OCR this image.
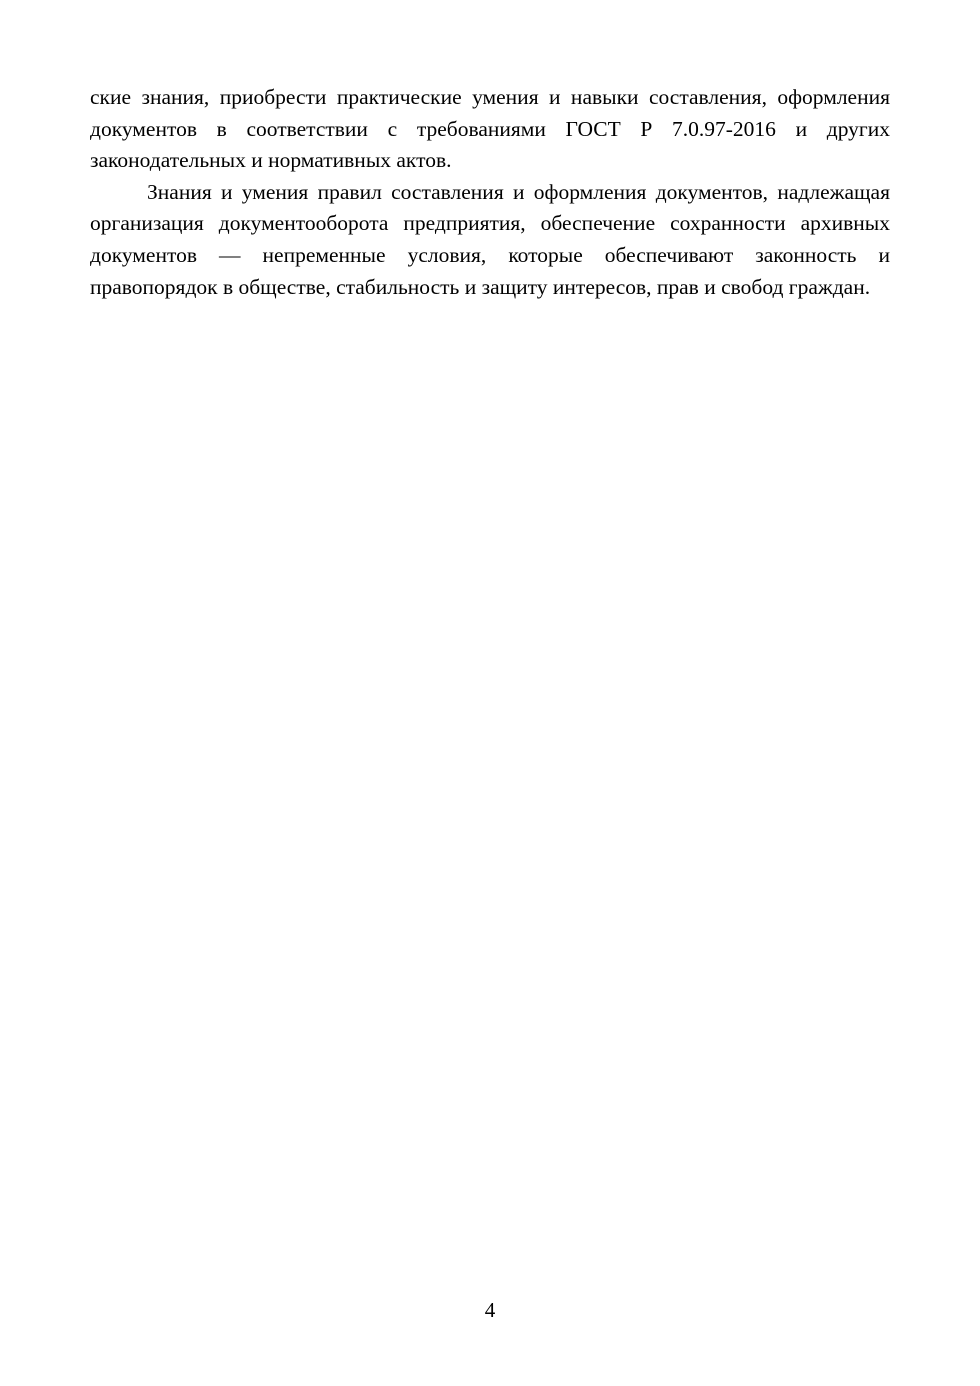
ские знания, приобрести практические умения и навыки составления, оформления документов в соответствии с требованиями ГОСТ Р 7.0.97-2016 и других законодательных и нормативных актов.

Знания и умения правил составления и оформления документов, надлежащая организация документооборота предприятия, обеспечение сохранности архивных документов — непременные условия, которые обеспечивают законность и правопорядок в обществе, стабильность и защиту интересов, прав и свобод граждан.

4
